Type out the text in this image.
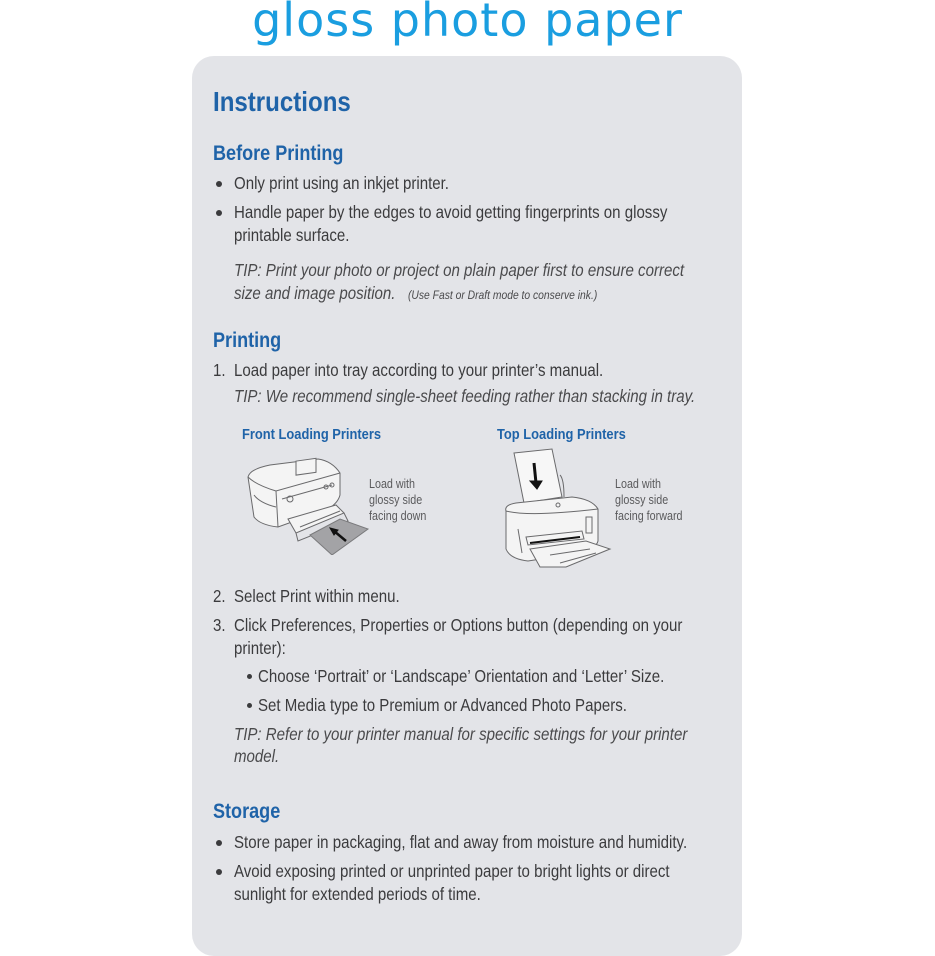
gloss photo paper
Instructions
Before Printing
Only print using an inkjet printer.
Handle paper by the edges to avoid getting fingerprints on glossy
printable surface.
TIP: Print your photo or project on plain paper first to ensure correct
size and image position.	(Use Fast or Draft mode to conserve ink.)
Printing
1. Load paper into tray according to your printer’s manual.
TIP: We recommend single-sheet feeding rather than stacking in tray.
Front Loading Printers	Top Loading Printers
Load with
glossy side
facing down
Load with
glossy side
facing forward
2. Select Print within menu.
3. Click Preferences, Properties or Options button (depending on your
printer):
Choose ‘Portrait’ or ‘Landscape’ Orientation and ‘Letter’ Size.
Set Media type to Premium or Advanced Photo Papers.
TIP: Refer to your printer manual for specific settings for your printer
model.
Storage
Store paper in packaging, flat and away from moisture and humidity.
Avoid exposing printed or unprinted paper to bright lights or direct
sunlight for extended periods of time.
